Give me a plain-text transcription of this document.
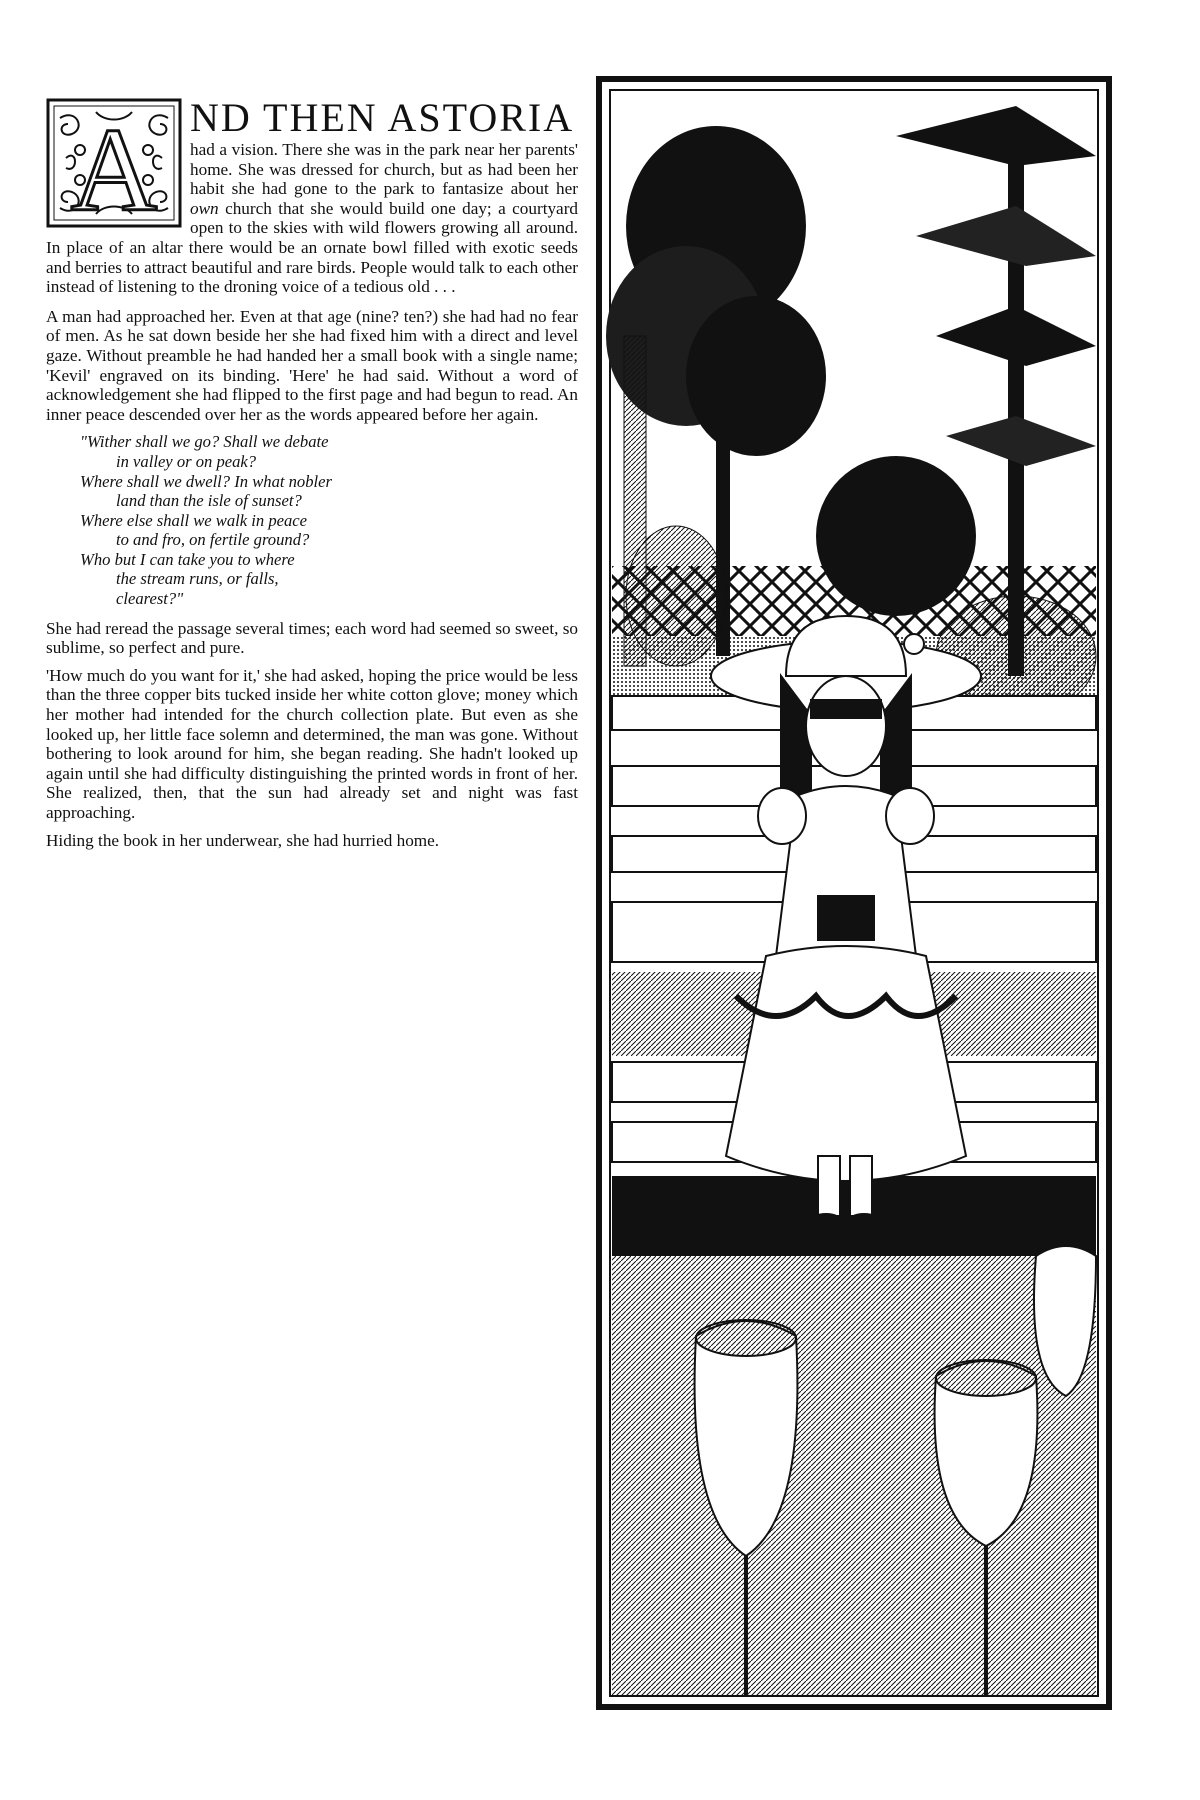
A ND THEN ASTORIA

had a vision. There she was in the park near her parents' home. She was dressed for church, but as had been her habit she had gone to the park to fantasize about her own church that she would build one day; a courtyard open to the skies with wild flowers growing all around. In place of an altar there would be an ornate bowl filled with exotic seeds and berries to attract beautiful and rare birds. People would talk to each other instead of listening to the droning voice of a tedious old . . .

A man had approached her. Even at that age (nine? ten?) she had had no fear of men. As he sat down beside her she had fixed him with a direct and level gaze. Without preamble he had handed her a small book with a single name; 'Kevil' engraved on its binding. 'Here' he had said. Without a word of acknowledgement she had flipped to the first page and had begun to read. An inner peace descended over her as the words appeared before her again.

"Wither shall we go? Shall we debate
in valley or on peak?
Where shall we dwell? In what nobler
land than the isle of sunset?
Where else shall we walk in peace
to and fro, on fertile ground?
Who but I can take you to where
the stream runs, or falls,
clearest?"

She had reread the passage several times; each word had seemed so sweet, so sublime, so perfect and pure.

'How much do you want for it,' she had asked, hoping the price would be less than the three copper bits tucked inside her white cotton glove; money which her mother had intended for the church collection plate. But even as she looked up, her little face solemn and determined, the man was gone. Without bothering to look around for him, she began reading. She hadn't looked up again until she had difficulty distinguishing the printed words in front of her. She realized, then, that the sun had already set and night was fast approaching.

Hiding the book in her underwear, she had hurried home.
